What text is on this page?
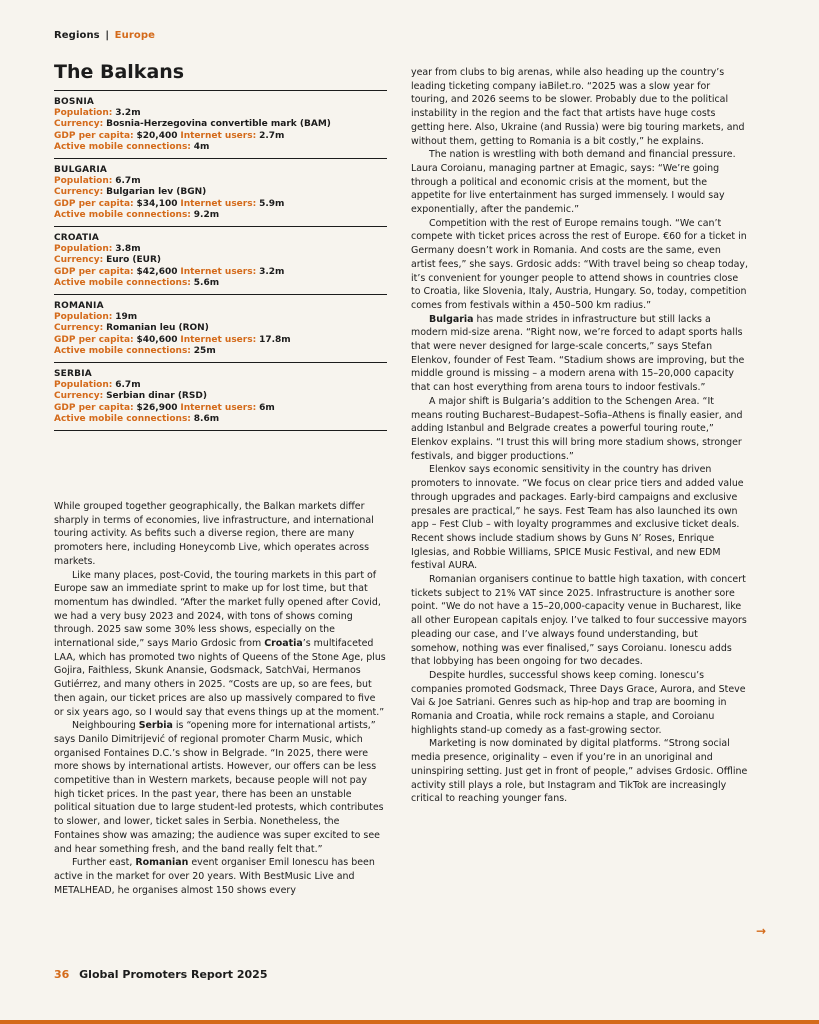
Regions | Europe
The Balkans
BOSNIA
Population: 3.2m
Currency: Bosnia-Herzegovina convertible mark (BAM)
GDP per capita: $20,400 Internet users: 2.7m
Active mobile connections: 4m
BULGARIA
Population: 6.7m
Currency: Bulgarian lev (BGN)
GDP per capita: $34,100 Internet users: 5.9m
Active mobile connections: 9.2m
CROATIA
Population: 3.8m
Currency: Euro (EUR)
GDP per capita: $42,600 Internet users: 3.2m
Active mobile connections: 5.6m
ROMANIA
Population: 19m
Currency: Romanian leu (RON)
GDP per capita: $40,600 Internet users: 17.8m
Active mobile connections: 25m
SERBIA
Population: 6.7m
Currency: Serbian dinar (RSD)
GDP per capita: $26,900 Internet users: 6m
Active mobile connections: 8.6m

While grouped together geographically, the Balkan markets differ sharply in terms of economies, live infrastructure, and international touring activity. As befits such a diverse region, there are many promoters here, including Honeycomb Live, which operates across markets.

Like many places, post-Covid, the touring markets in this part of Europe saw an immediate sprint to make up for lost time, but that momentum has dwindled. “After the market fully opened after Covid, we had a very busy 2023 and 2024, with tons of shows coming through. 2025 saw some 30% less shows, especially on the international side,” says Mario Grdosic from Croatia’s multifaceted LAA, which has promoted two nights of Queens of the Stone Age, plus Gojira, Faithless, Skunk Anansie, Godsmack, SatchVai, Hermanos Gutiérrez, and many others in 2025. “Costs are up, so are fees, but then again, our ticket prices are also up massively compared to five or six years ago, so I would say that evens things up at the moment.”

Neighbouring Serbia is “opening more for international artists,” says Danilo Dimitrijević of regional promoter Charm Music, which organised Fontaines D.C.’s show in Belgrade. “In 2025, there were more shows by international artists. However, our offers can be less competitive than in Western markets, because people will not pay high ticket prices. In the past year, there has been an unstable political situation due to large student-led protests, which contributes to slower, and lower, ticket sales in Serbia. Nonetheless, the Fontaines show was amazing; the audience was super excited to see and hear something fresh, and the band really felt that.”

Further east, Romanian event organiser Emil Ionescu has been active in the market for over 20 years. With BestMusic Live and METALHEAD, he organises almost 150 shows every

year from clubs to big arenas, while also heading up the country’s leading ticketing company iaBilet.ro. “2025 was a slow year for touring, and 2026 seems to be slower. Probably due to the political instability in the region and the fact that artists have huge costs getting here. Also, Ukraine (and Russia) were big touring markets, and without them, getting to Romania is a bit costly,” he explains.

The nation is wrestling with both demand and financial pressure. Laura Coroianu, managing partner at Emagic, says: “We’re going through a political and economic crisis at the moment, but the appetite for live entertainment has surged immensely. I would say exponentially, after the pandemic.”

Competition with the rest of Europe remains tough. “We can’t compete with ticket prices across the rest of Europe. €60 for a ticket in Germany doesn’t work in Romania. And costs are the same, even artist fees,” she says. Grdosic adds: “With travel being so cheap today, it’s convenient for younger people to attend shows in countries close to Croatia, like Slovenia, Italy, Austria, Hungary. So, today, competition comes from festivals within a 450–500 km radius.”

Bulgaria has made strides in infrastructure but still lacks a modern mid-size arena. “Right now, we’re forced to adapt sports halls that were never designed for large-scale concerts,” says Stefan Elenkov, founder of Fest Team. “Stadium shows are improving, but the middle ground is missing – a modern arena with 15–20,000 capacity that can host everything from arena tours to indoor festivals.”

A major shift is Bulgaria’s addition to the Schengen Area. “It means routing Bucharest–Budapest–Sofia–Athens is finally easier, and adding Istanbul and Belgrade creates a powerful touring route,” Elenkov explains. “I trust this will bring more stadium shows, stronger festivals, and bigger productions.”

Elenkov says economic sensitivity in the country has driven promoters to innovate. “We focus on clear price tiers and added value through upgrades and packages. Early-bird campaigns and exclusive presales are practical,” he says. Fest Team has also launched its own app – Fest Club – with loyalty programmes and exclusive ticket deals. Recent shows include stadium shows by Guns N’ Roses, Enrique Iglesias, and Robbie Williams, SPICE Music Festival, and new EDM festival AURA.

Romanian organisers continue to battle high taxation, with concert tickets subject to 21% VAT since 2025. Infrastructure is another sore point. “We do not have a 15–20,000-capacity venue in Bucharest, like all other European capitals enjoy. I’ve talked to four successive mayors pleading our case, and I’ve always found understanding, but somehow, nothing was ever finalised,” says Coroianu. Ionescu adds that lobbying has been ongoing for two decades.

Despite hurdles, successful shows keep coming. Ionescu’s companies promoted Godsmack, Three Days Grace, Aurora, and Steve Vai & Joe Satriani. Genres such as hip-hop and trap are booming in Romania and Croatia, while rock remains a staple, and Coroianu highlights stand-up comedy as a fast-growing sector.

Marketing is now dominated by digital platforms. “Strong social media presence, originality – even if you’re in an unoriginal and uninspiring setting. Just get in front of people,” advises Grdosic. Offline activity still plays a role, but Instagram and TikTok are increasingly critical to reaching younger fans.

→
36 Global Promoters Report 2025
